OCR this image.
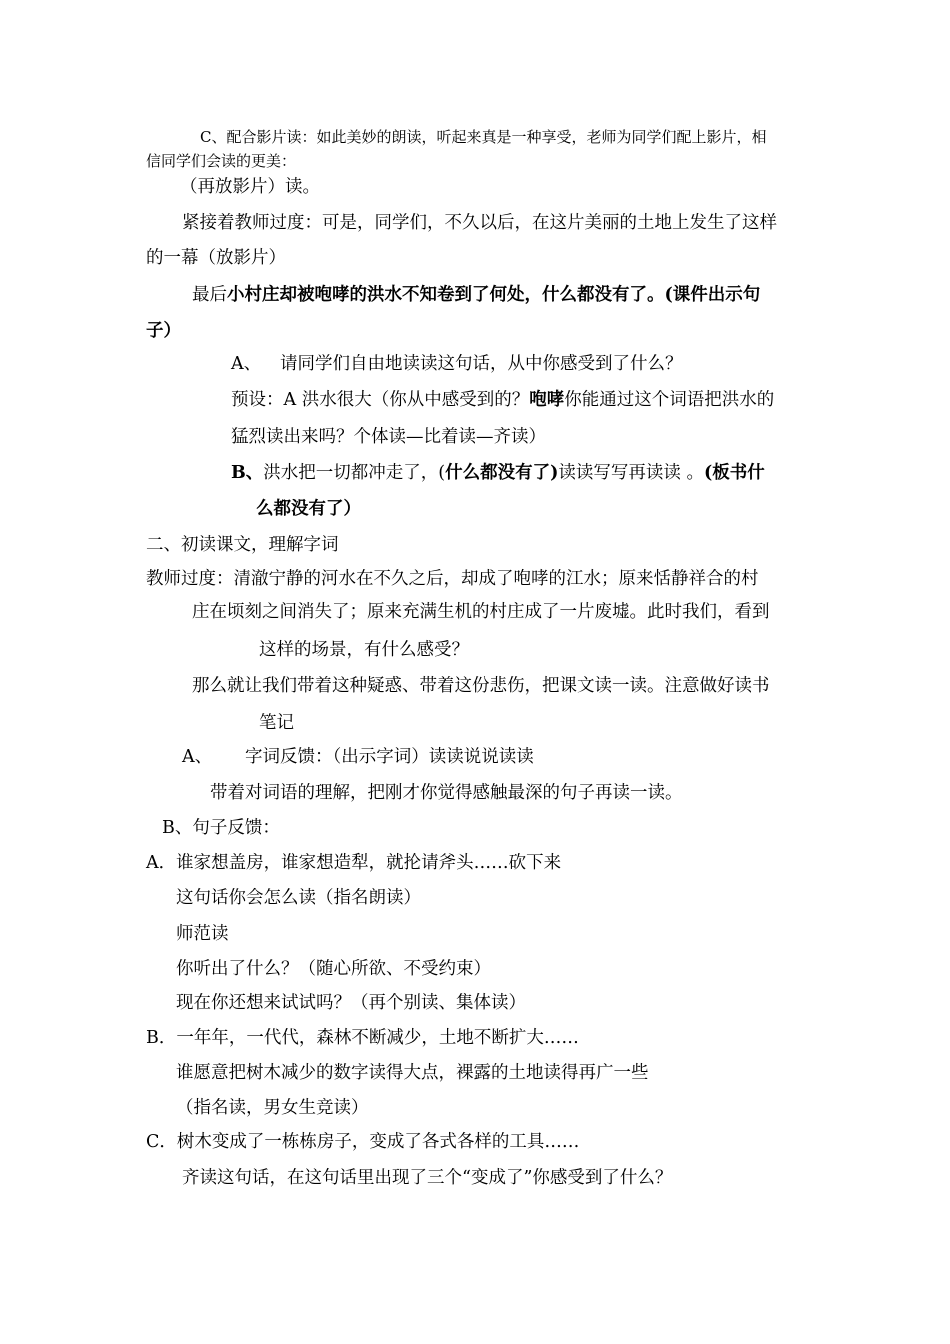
C、配合影片读：如此美妙的朗读，听起来真是一种享受，老师为同学们配上影片，相
信同学们会读的更美：
（再放影片）读。
紧接着教师过度：可是，同学们，不久以后，在这片美丽的土地上发生了这样
的一幕（放影片）
最后小村庄却被咆哮的洪水不知卷到了何处，什么都没有了。(课件出示句
子）
A、 请同学们自由地读读这句话，从中你感受到了什么？
预设：A 洪水很大（你从中感受到的？咆哮你能通过这个词语把洪水的
猛烈读出来吗？个体读—比着读—齐读）
B、洪水把一切都冲走了，(什么都没有了)读读写写再读读 。(板书什
么都没有了）
二、初读课文，理解字词
教师过度：清澈宁静的河水在不久之后，却成了咆哮的江水；原来恬静祥合的村
庄在顷刻之间消失了；原来充满生机的村庄成了一片废墟。此时我们，看到
这样的场景，有什么感受？
那么就让我们带着这种疑惑、带着这份悲伤，把课文读一读。注意做好读书
笔记
A、 字词反馈：（出示字词）读读说说读读
带着对词语的理解，把刚才你觉得感触最深的句子再读一读。
B、句子反馈：
A．谁家想盖房，谁家想造犁，就抡请斧头……砍下来
这句话你会怎么读（指名朗读）
师范读
你听出了什么？（随心所欲、不受约束）
现在你还想来试试吗？（再个别读、集体读）
B．一年年，一代代，森林不断减少，土地不断扩大……
谁愿意把树木减少的数字读得大点，裸露的土地读得再广一些
（指名读，男女生竞读）
C．树木变成了一栋栋房子，变成了各式各样的工具……
齐读这句话，在这句话里出现了三个“变成了”你感受到了什么？
